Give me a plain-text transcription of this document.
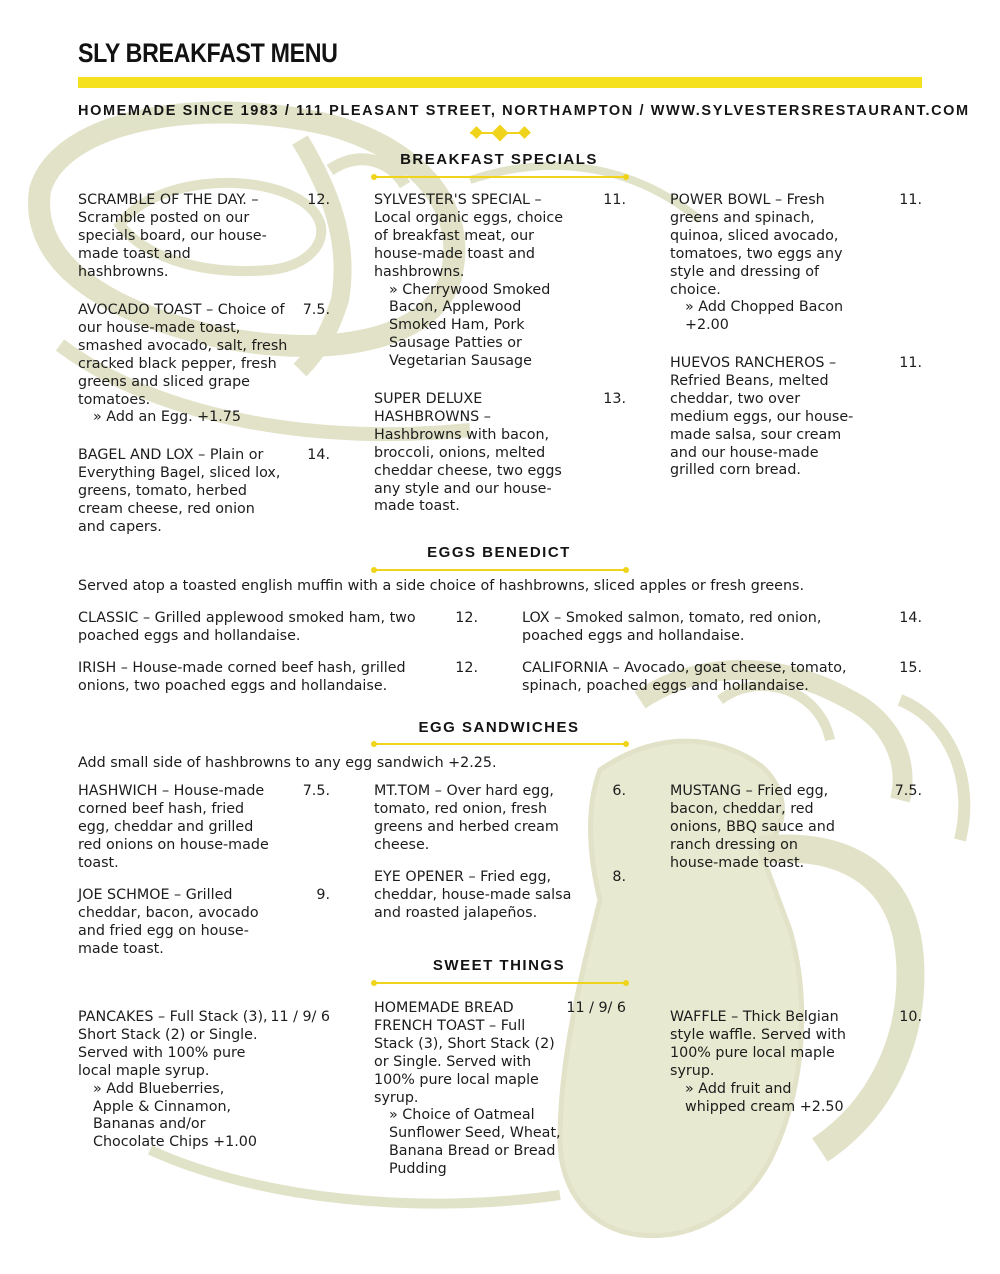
SLY BREAKFAST MENU
HOMEMADE SINCE 1983 / 111 PLEASANT STREET, NORTHAMPTON / WWW.SYLVESTERSRESTAURANT.COM
BREAKFAST SPECIALS
SCRAMBLE OF THE DAY. – Scramble posted on our specials board, our house-made toast and hashbrowns.
12.
AVOCADO TOAST – Choice of our house-made toast, smashed avocado, salt, fresh cracked black pepper, fresh greens and sliced grape tomatoes.
» Add an Egg. +1.75
7.5.
BAGEL AND LOX – Plain or Everything Bagel, sliced lox, greens, tomato, herbed cream cheese, red onion and capers.
14.
SYLVESTER'S SPECIAL – Local organic eggs, choice of breakfast meat, our house-made toast and hashbrowns.
» Cherrywood Smoked Bacon, Applewood Smoked Ham, Pork Sausage Patties or Vegetarian Sausage
11.
SUPER DELUXE HASHBROWNS – Hashbrowns with bacon, broccoli, onions, melted cheddar cheese, two eggs any style and our house-made toast.
13.
POWER BOWL – Fresh greens and spinach, quinoa, sliced avocado, tomatoes, two eggs any style and dressing of choice.
» Add Chopped Bacon +2.00
11.
HUEVOS RANCHEROS – Refried Beans, melted cheddar, two over medium eggs, our house-made salsa, sour cream and our house-made grilled corn bread.
11.
EGGS BENEDICT
Served atop a toasted english muffin with a side choice of hashbrowns, sliced apples or fresh greens.
CLASSIC – Grilled applewood smoked ham, two poached eggs and hollandaise.
12.
IRISH – House-made corned beef hash, grilled onions, two poached eggs and hollandaise.
12.
LOX – Smoked salmon, tomato, red onion, poached eggs and hollandaise.
14.
CALIFORNIA – Avocado, goat cheese, tomato, spinach, poached eggs and hollandaise.
15.
EGG SANDWICHES
Add small side of hashbrowns to any egg sandwich +2.25.
HASHWICH – House-made corned beef hash, fried egg, cheddar and grilled red onions on house-made toast.
7.5.
JOE SCHMOE – Grilled cheddar, bacon, avocado and fried egg on house-made toast.
9.
MT.TOM – Over hard egg, tomato, red onion, fresh greens and herbed cream cheese.
6.
EYE OPENER – Fried egg, cheddar, house-made salsa and roasted jalapeños.
8.
MUSTANG – Fried egg, bacon, cheddar, red onions, BBQ sauce and ranch dressing on house-made toast.
7.5.
SWEET THINGS
PANCAKES – Full Stack (3), Short Stack (2) or Single. Served with 100% pure local maple syrup.
» Add Blueberries, Apple & Cinnamon, Bananas and/or Chocolate Chips +1.00
11 / 9/ 6
HOMEMADE BREAD FRENCH TOAST – Full Stack (3), Short Stack (2) or Single. Served with 100% pure local maple syrup.
» Choice of Oatmeal Sunflower Seed, Wheat, Banana Bread or Bread Pudding
11 / 9/ 6
WAFFLE – Thick Belgian style waffle. Served with 100% pure local maple syrup.
» Add fruit and whipped cream +2.50
10.
